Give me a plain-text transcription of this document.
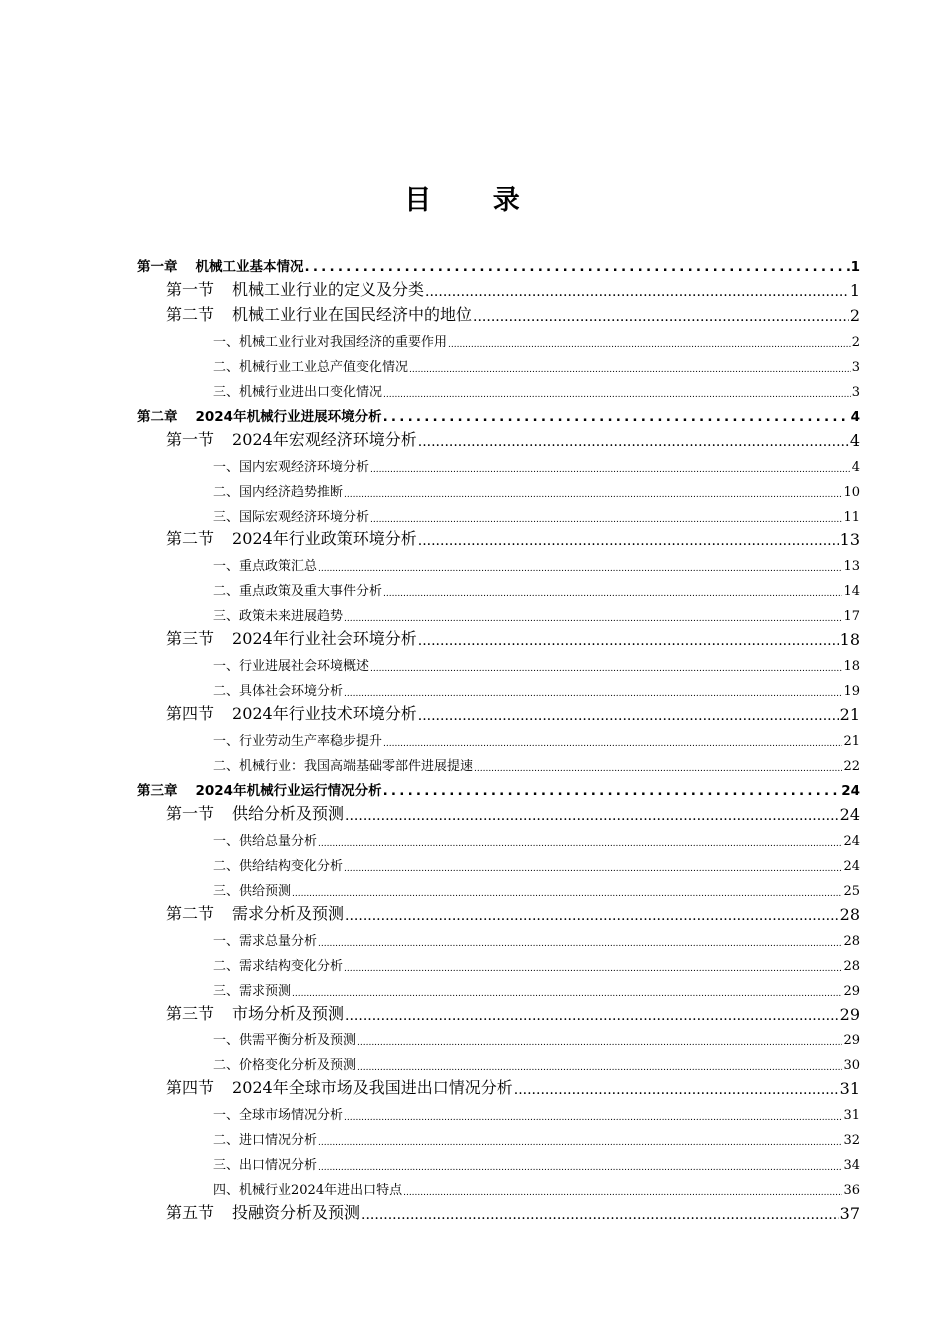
目 录
第一章 机械工业基本情况 .....	1
第一节 机械工业行业的定义及分类 .....	1
第二节 机械工业行业在国民经济中的地位 .....	2
一、机械工业行业对我国经济的重要作用 .....	2
二、机械行业工业总产值变化情况 .....	3
三、机械行业进出口变化情况 .....	3
第二章 2024年机械行业进展环境分析 .....	4
第一节 2024年宏观经济环境分析 .....	4
一、国内宏观经济环境分析 .....	4
二、国内经济趋势推断 .....	10
三、国际宏观经济环境分析 .....	11
第二节 2024年行业政策环境分析 .....	13
一、重点政策汇总 .....	13
二、重点政策及重大事件分析 .....	14
三、政策未来进展趋势 .....	17
第三节 2024年行业社会环境分析 .....	18
一、行业进展社会环境概述 .....	18
二、具体社会环境分析 .....	19
第四节 2024年行业技术环境分析 .....	21
一、行业劳动生产率稳步提升 .....	21
二、机械行业：我国高端基础零部件进展提速 .....	22
第三章 2024年机械行业运行情况分析 .....	24
第一节 供给分析及预测 .....	24
一、供给总量分析 .....	24
二、供给结构变化分析 .....	24
三、供给预测 .....	25
第二节 需求分析及预测 .....	28
一、需求总量分析 .....	28
二、需求结构变化分析 .....	28
三、需求预测 .....	29
第三节 市场分析及预测 .....	29
一、供需平衡分析及预测 .....	29
二、价格变化分析及预测 .....	30
第四节 2024年全球市场及我国进出口情况分析 .....	31
一、全球市场情况分析 .....	31
二、进口情况分析 .....	32
三、出口情况分析 .....	34
四、机械行业2024年进出口特点 .....	36
第五节 投融资分析及预测 .....	37
